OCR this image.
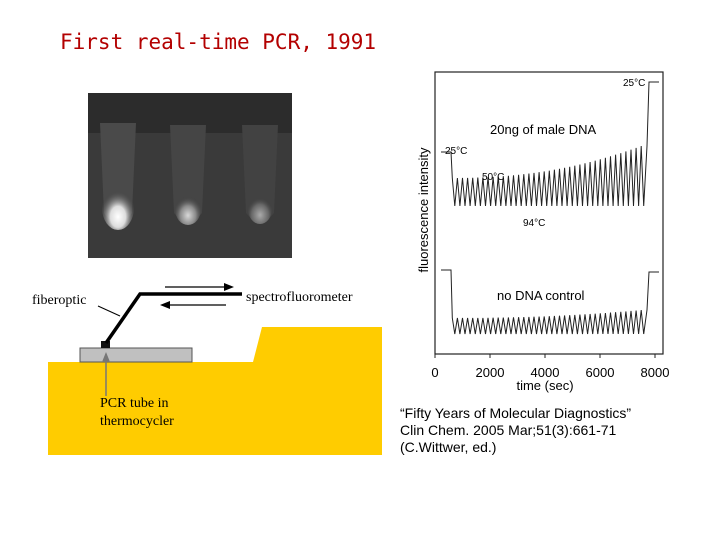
First real-time PCR, 1991
fiberoptic	spectrofluorometer
PCR tube in
thermocycler
0	2000 4000 6000 8000
time (sec)
fluorescence intensity
25°C
25°C
50°C
94°C
20ng of male DNA
no DNA control
“Fifty Years of Molecular Diagnostics”
Clin Chem. 2005 Mar;51(3):661-71
(C.Wittwer, ed.)
